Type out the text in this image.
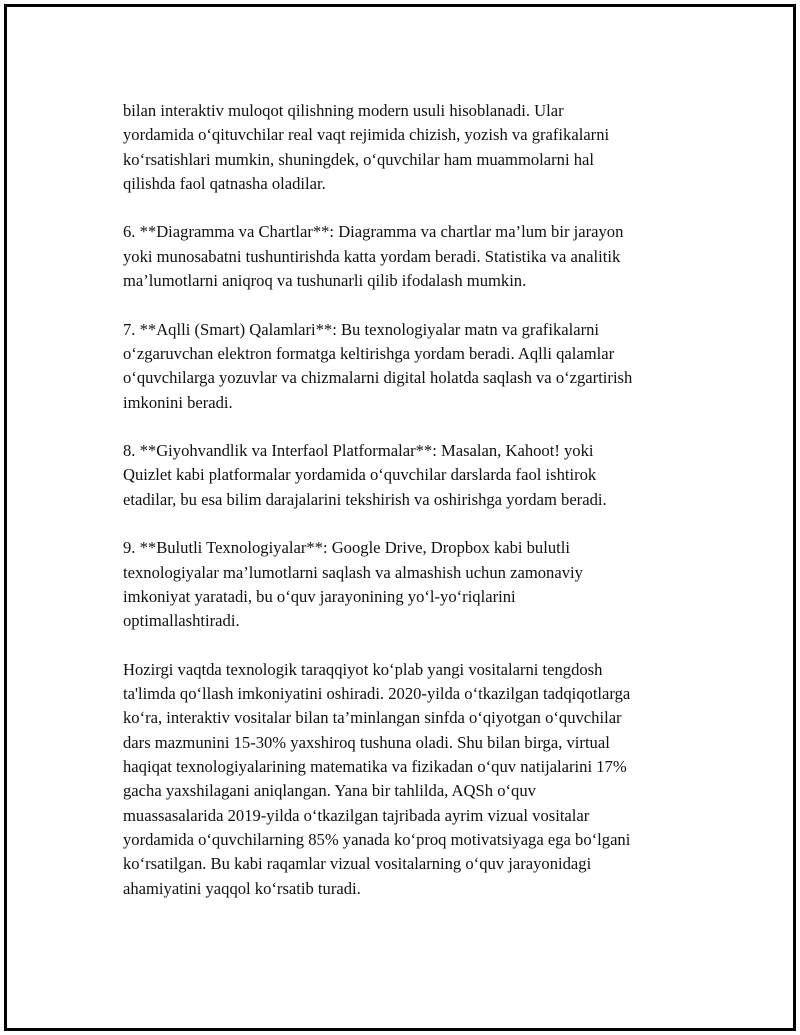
bilan interaktiv muloqot qilishning modern usuli hisoblanadi. Ular
yordamida o‘qituvchilar real vaqt rejimida chizish, yozish va grafikalarni
ko‘rsatishlari mumkin, shuningdek, o‘quvchilar ham muammolarni hal
qilishda faol qatnasha oladilar.

6. **Diagramma va Chartlar**: Diagramma va chartlar ma’lum bir jarayon
yoki munosabatni tushuntirishda katta yordam beradi. Statistika va analitik
ma’lumotlarni aniqroq va tushunarli qilib ifodalash mumkin.

7. **Aqlli (Smart) Qalamlari**: Bu texnologiyalar matn va grafikalarni
o‘zgaruvchan elektron formatga keltirishga yordam beradi. Aqlli qalamlar
o‘quvchilarga yozuvlar va chizmalarni digital holatda saqlash va o‘zgartirish
imkonini beradi.

8. **Giyohvandlik va Interfaol Platformalar**: Masalan, Kahoot! yoki
Quizlet kabi platformalar yordamida o‘quvchilar darslarda faol ishtirok
etadilar, bu esa bilim darajalarini tekshirish va oshirishga yordam beradi.

9. **Bulutli Texnologiyalar**: Google Drive, Dropbox kabi bulutli
texnologiyalar ma’lumotlarni saqlash va almashish uchun zamonaviy
imkoniyat yaratadi, bu o‘quv jarayonining yo‘l-yo‘riqlarini
optimallashtiradi.

Hozirgi vaqtda texnologik taraqqiyot ko‘plab yangi vositalarni tengdosh
ta'limda qo‘llash imkoniyatini oshiradi. 2020-yilda o‘tkazilgan tadqiqotlarga
ko‘ra, interaktiv vositalar bilan ta’minlangan sinfda o‘qiyotgan o‘quvchilar
dars mazmunini 15-30% yaxshiroq tushuna oladi. Shu bilan birga, virtual
haqiqat texnologiyalarining matematika va fizikadan o‘quv natijalarini 17%
gacha yaxshilagani aniqlangan. Yana bir tahlilda, AQSh o‘quv
muassasalarida 2019-yilda o‘tkazilgan tajribada ayrim vizual vositalar
yordamida o‘quvchilarning 85% yanada ko‘proq motivatsiyaga ega bo‘lgani
ko‘rsatilgan. Bu kabi raqamlar vizual vositalarning o‘quv jarayonidagi
ahamiyatini yaqqol ko‘rsatib turadi.
